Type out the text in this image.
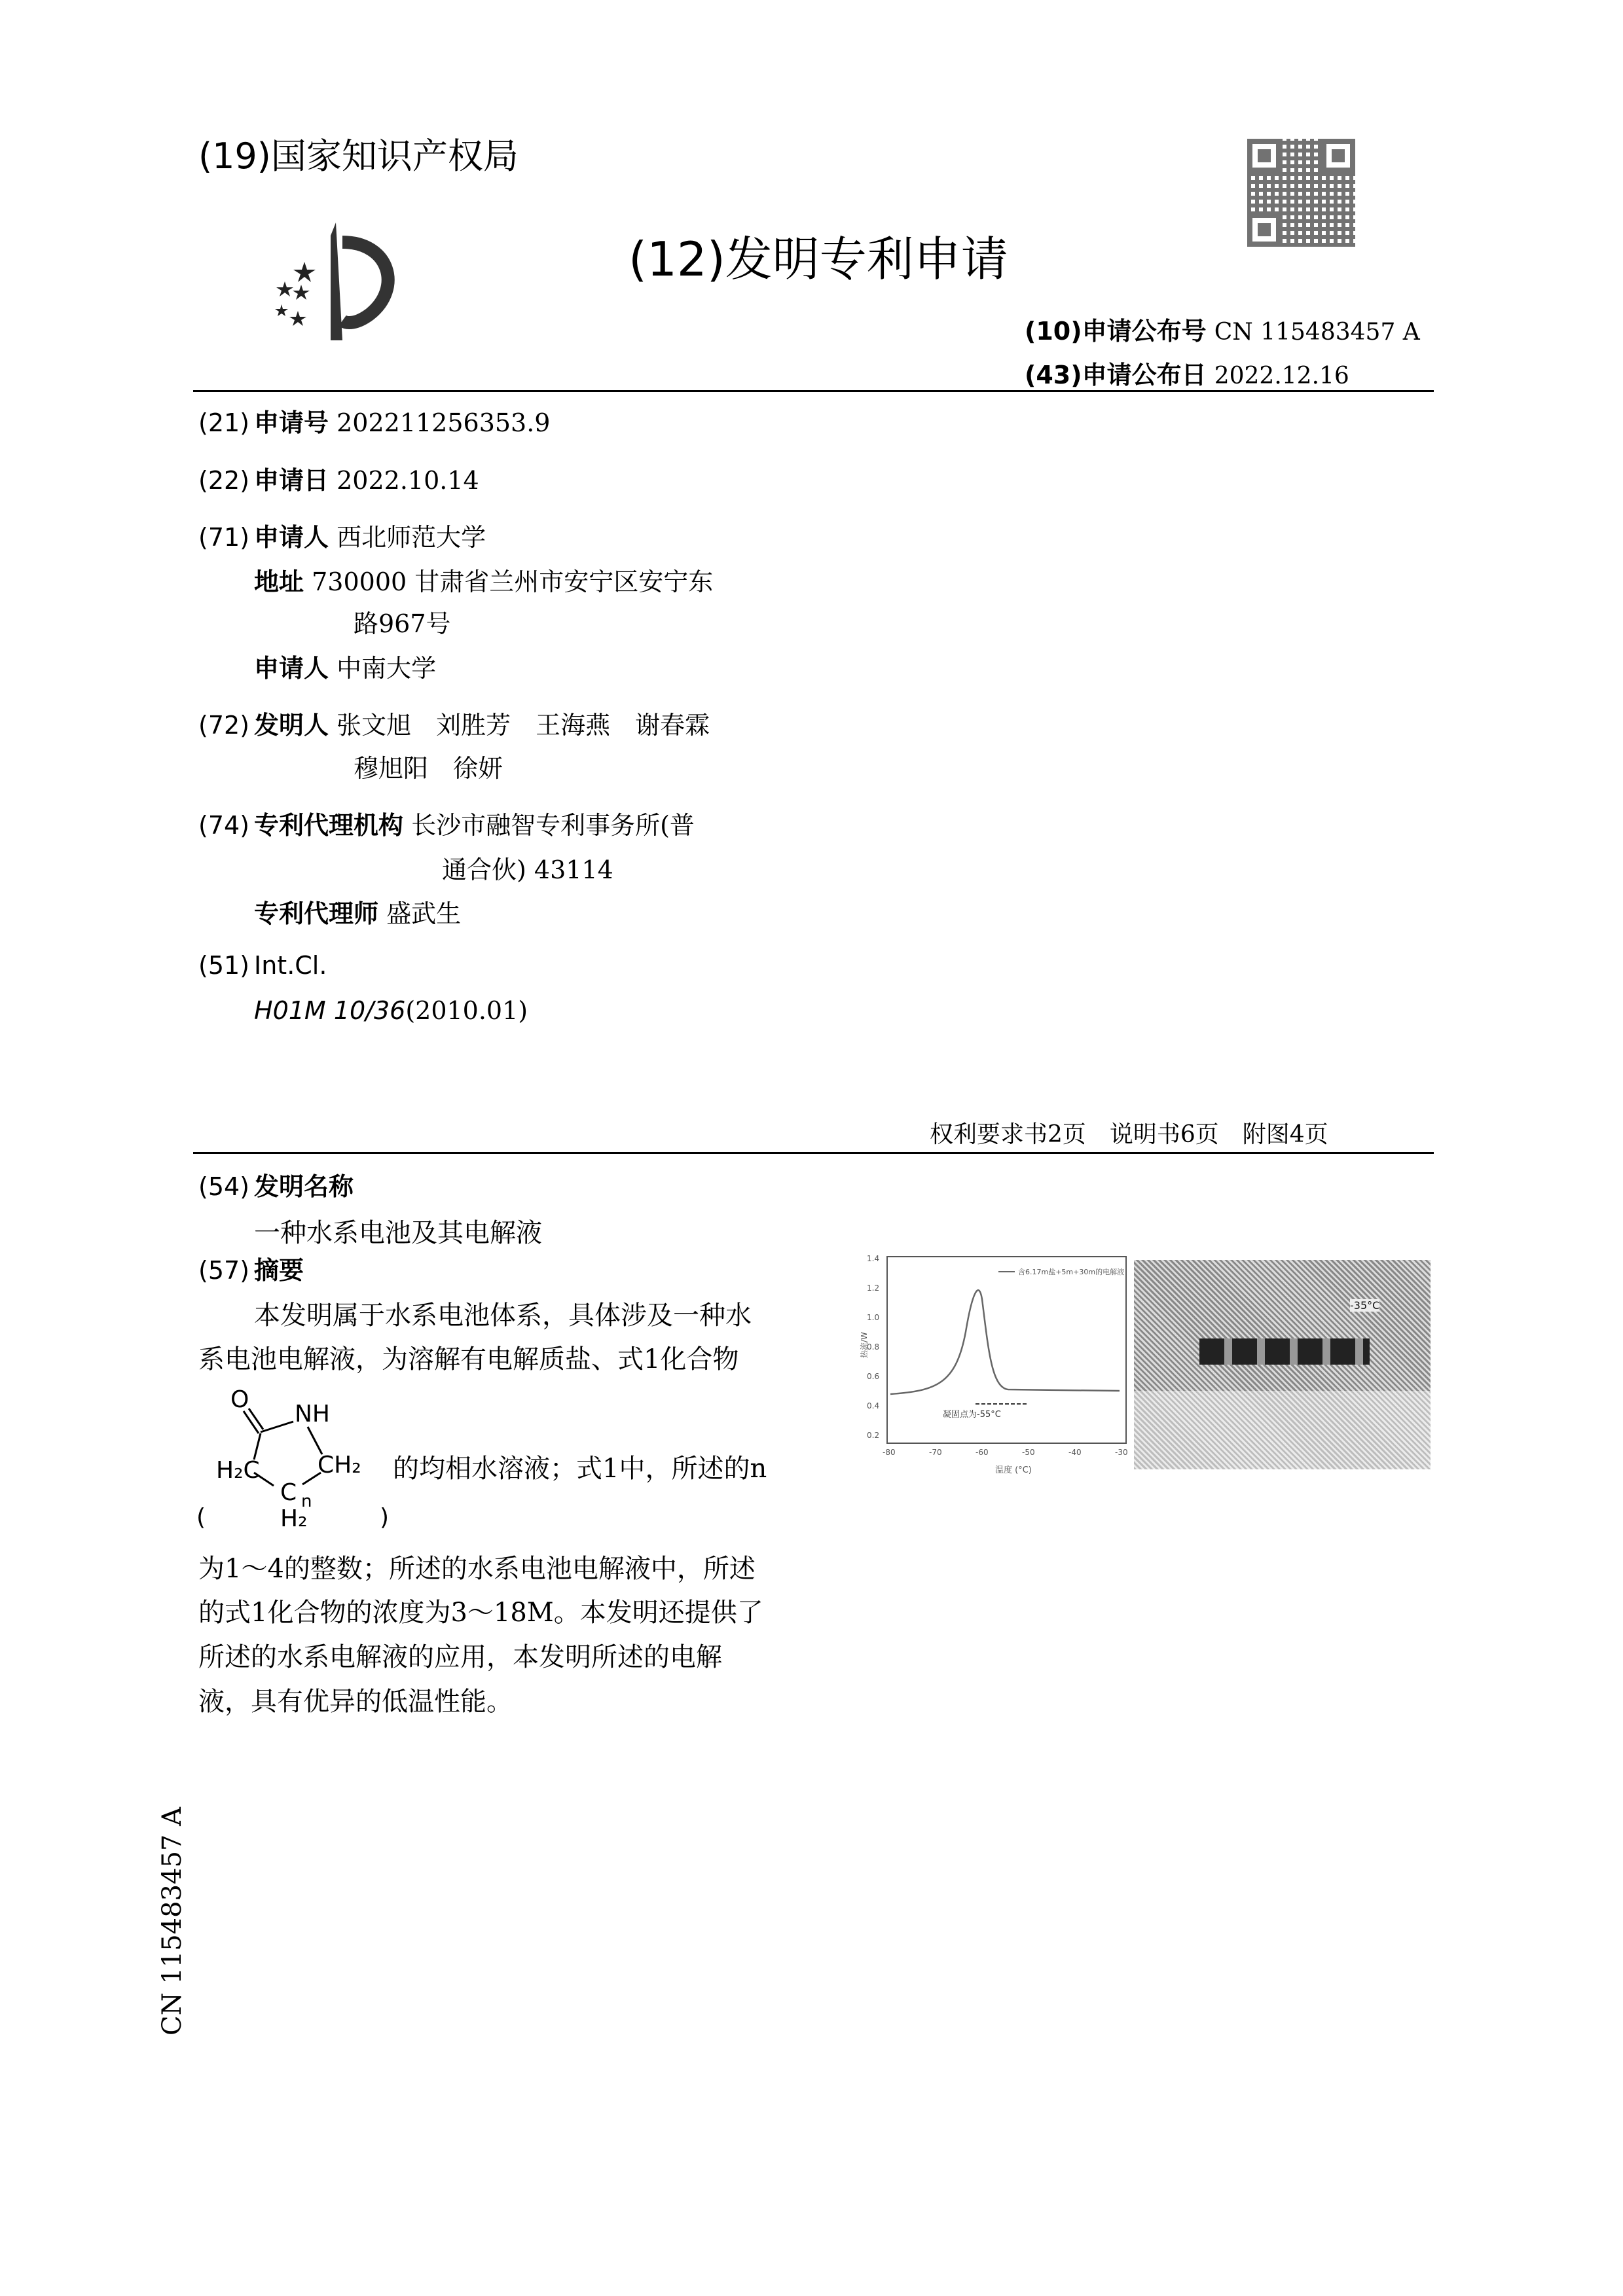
(19)国家知识产权局
(12)发明专利申请
(10)申请公布号 CN 115483457 A
(43)申请公布日 2022.12.16
(21) 申请号 202211256353.9
(22) 申请日 2022.10.14
(71) 申请人 西北师范大学
地址 730000 甘肃省兰州市安宁区安宁东
路967号
申请人 中南大学
(72) 发明人 张文旭　刘胜芳　王海燕　谢春霖
穆旭阳　徐妍
(74) 专利代理机构 长沙市融智专利事务所(普
通合伙) 43114
专利代理师 盛武生
(51) Int.Cl.
H01M 10/36(2010.01)
权利要求书2页　说明书6页　附图4页
(54) 发明名称
一种水系电池及其电解液
(57) 摘要
本发明属于水系电池体系，具体涉及一种水
系电池电解液，为溶解有电解质盐、式1化合物
O
NH
H₂C CH₂
C n
H₂
(	)
的均相水溶液；式1中，所述的n
为1～4的整数；所述的水系电池电解液中，所述
的式1化合物的浓度为3～18M。本发明还提供了
所述的水系电解液的应用，本发明所述的电解
液，具有优异的低温性能。
1.4
1.2
1.0
0.8
0.6
0.4
0.2
-80	-70	-60	-50	-40	-30
含6.17m盐+5m+30m的电解液
凝固点为-55°C
温度 (°C)
热流/W
-35°C
CN 115483457 A
